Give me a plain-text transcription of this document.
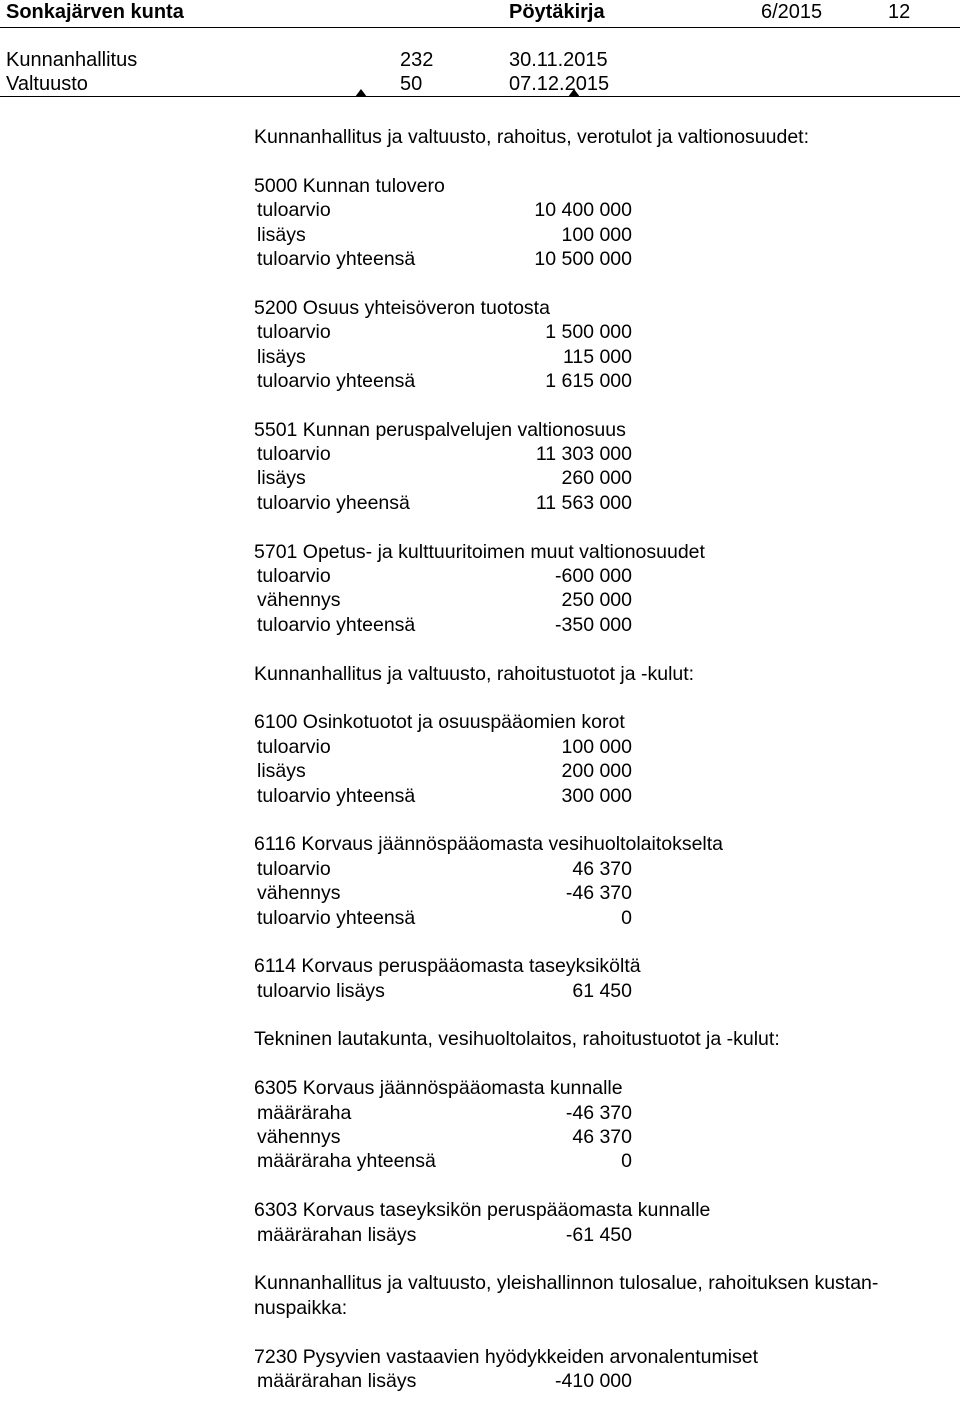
Sonkajärven kunta	Pöytäkirja	6/2015	12
Kunnanhallitus	232	30.11.2015
Valtuusto	50	07.12.2015
Kunnanhallitus ja valtuusto, rahoitus, verotulot ja valtionosuudet:
5000 Kunnan tulovero
tuloarvio	10 400 000
lisäys	100 000
tuloarvio yhteensä	10 500 000
5200 Osuus yhteisöveron tuotosta
tuloarvio	1 500 000
lisäys	115 000
tuloarvio yhteensä	1 615 000
5501 Kunnan peruspalvelujen valtionosuus
tuloarvio	11 303 000
lisäys	260 000
tuloarvio yheensä	11 563 000
5701 Opetus- ja kulttuuritoimen muut valtionosuudet
tuloarvio	-600 000
vähennys	250 000
tuloarvio yhteensä	-350 000
Kunnanhallitus ja valtuusto, rahoitustuotot ja -kulut:
6100 Osinkotuotot ja osuuspääomien korot
tuloarvio	100 000
lisäys	200 000
tuloarvio yhteensä	300 000
6116 Korvaus jäännöspääomasta vesihuoltolaitokselta
tuloarvio	46 370
vähennys	-46 370
tuloarvio yhteensä	0
6114 Korvaus peruspääomasta taseyksiköltä
tuloarvio lisäys	61 450
Tekninen lautakunta, vesihuoltolaitos, rahoitustuotot ja -kulut:
6305 Korvaus jäännöspääomasta kunnalle
määräraha	-46 370
vähennys	46 370
määräraha yhteensä	0
6303 Korvaus taseyksikön peruspääomasta kunnalle
määrärahan lisäys	-61 450
Kunnanhallitus ja valtuusto, yleishallinnon tulosalue, rahoituksen kustan-
nuspaikka:
7230 Pysyvien vastaavien hyödykkeiden arvonalentumiset
määrärahan lisäys	-410 000
